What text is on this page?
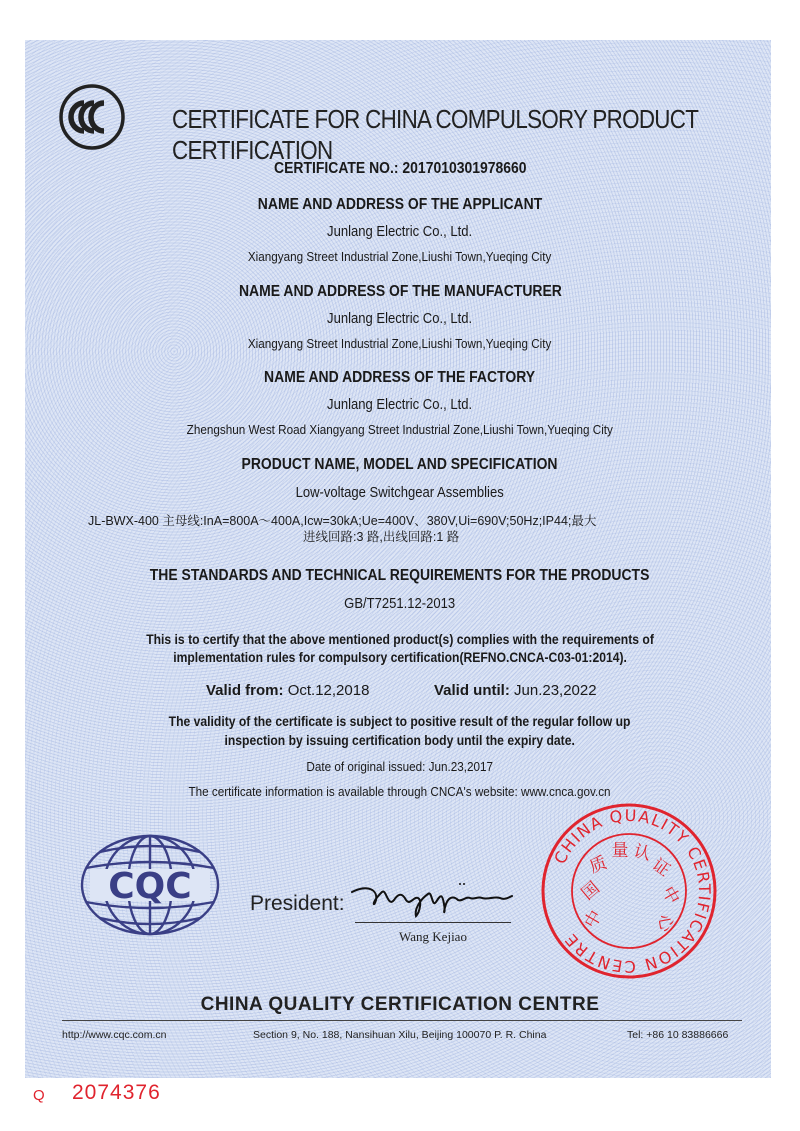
CERTIFICATE FOR CHINA COMPULSORY PRODUCT CERTIFICATION
CERTIFICATE NO.: 2017010301978660
NAME AND ADDRESS OF THE APPLICANT
Junlang Electric Co., Ltd.
Xiangyang Street Industrial Zone,Liushi Town,Yueqing City
NAME AND ADDRESS OF THE MANUFACTURER
Junlang Electric Co., Ltd.
Xiangyang Street Industrial Zone,Liushi Town,Yueqing City
NAME AND ADDRESS OF THE FACTORY
Junlang Electric Co., Ltd.
Zhengshun West Road Xiangyang Street Industrial Zone,Liushi Town,Yueqing City
PRODUCT NAME, MODEL AND SPECIFICATION
Low-voltage Switchgear Assemblies
JL-BWX-400 主母线:InA=800A～400A,Icw=30kA;Ue=400V、380V,Ui=690V;50Hz;IP44;最大
进线回路:3 路,出线回路:1 路
THE STANDARDS AND TECHNICAL REQUIREMENTS FOR THE PRODUCTS
GB/T7251.12-2013
This is to certify that the above mentioned product(s) complies with the requirements of
implementation rules for compulsory certification(REFNO.CNCA-C03-01:2014).
Valid from: Oct.12,2018	Valid until: Jun.23,2022
The validity of the certificate is subject to positive result of the regular follow up
inspection by issuing certification body until the expiry date.
Date of original issued: Jun.23,2017
The certificate information is available through CNCA's website: www.cnca.gov.cn
CQC	President:
Wangkejiao
Wang Kejiao
CHINA QUALITY CERTIFICATION CENTRE
中
国
质
量 认
证
中
心
中国质量认证中心
CHINA QUALITY CERTIFICATION CENTRE
http://www.cqc.com.cn	Section 9, No. 188, Nansihuan Xilu, Beijing 100070 P. R. China	Tel: +86 10 83886666
Q 2074376
